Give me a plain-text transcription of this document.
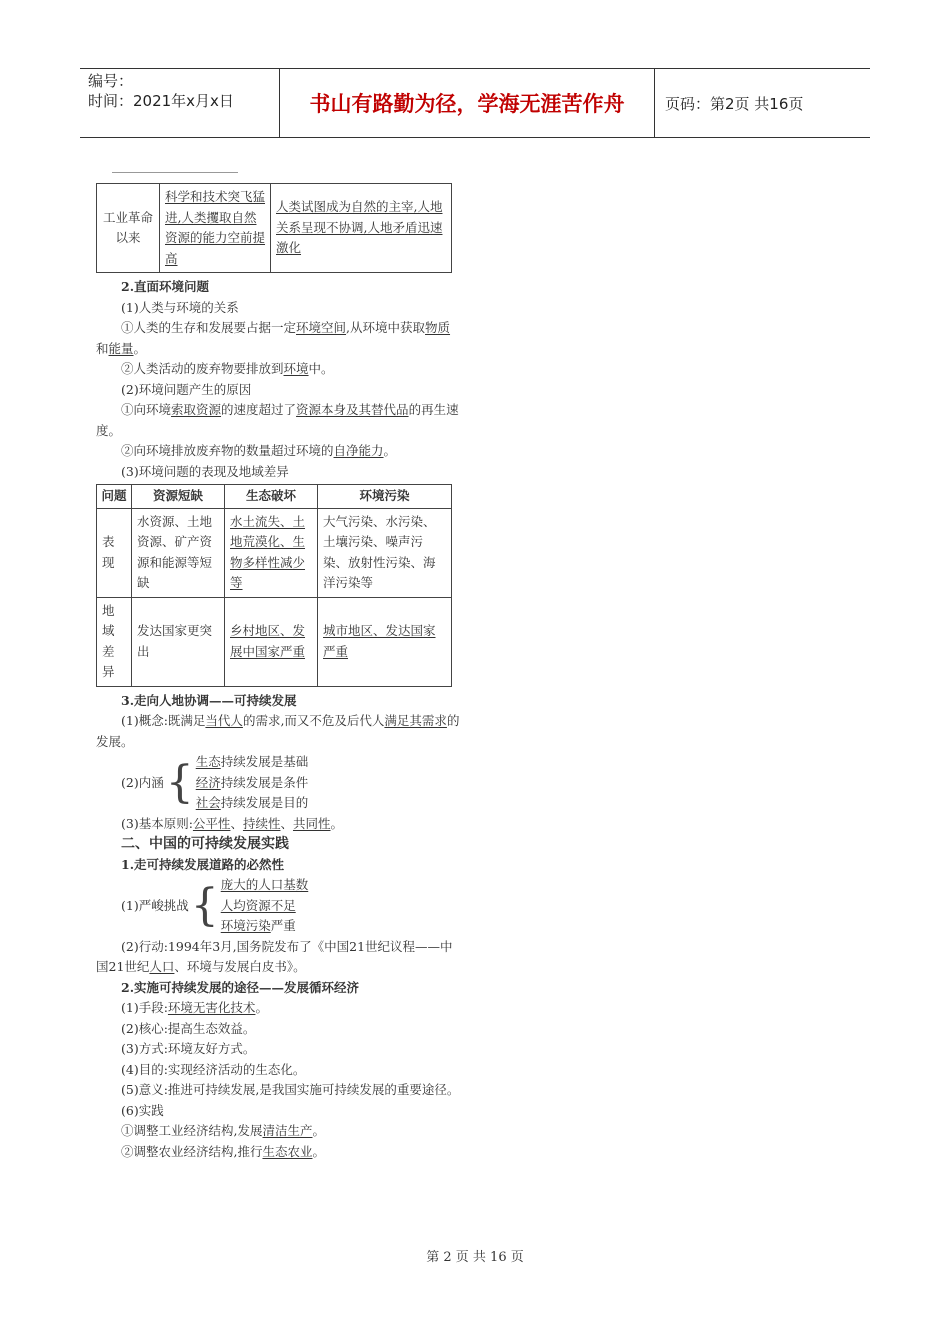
编号：
时间：2021年x月x日	书山有路勤为径，学海无涯苦作舟	页码：第2页 共16页
工业革命以来	科学和技术突飞猛进,人类攫取自然资源的能力空前提高	人类试图成为自然的主宰,人地关系呈现不协调,人地矛盾迅速激化

2.直面环境问题

(1)人类与环境的关系

①人类的生存和发展要占据一定环境空间,从环境中获取物质和能量。

②人类活动的废弃物要排放到环境中。

(2)环境问题产生的原因

①向环境索取资源的速度超过了资源本身及其替代品的再生速度。

②向环境排放废弃物的数量超过环境的自净能力。

(3)环境问题的表现及地域差异

问题	资源短缺	生态破坏	环境污染
表现	水资源、土地资源、矿产资源和能源等短缺	水土流失、土地荒漠化、生物多样性减少等	大气污染、水污染、土壤污染、噪声污染、放射性污染、海洋污染等
地域差异	发达国家更突出	乡村地区、发展中国家严重	城市地区、发达国家严重

3.走向人地协调——可持续发展

(1)概念:既满足当代人的需求,而又不危及后代人满足其需求的发展。

(2)内涵 { 生态持续发展是基础
经济持续发展是条件
社会持续发展是目的

(3)基本原则:公平性、持续性、共同性。

二、中国的可持续发展实践

1.走可持续发展道路的必然性

(1)严峻挑战 { 庞大的人口基数
人均资源不足
环境污染严重

(2)行动:1994年3月,国务院发布了《中国21世纪议程——中国21世纪人口、环境与发展白皮书》。

2.实施可持续发展的途径——发展循环经济

(1)手段:环境无害化技术。

(2)核心:提高生态效益。

(3)方式:环境友好方式。

(4)目的:实现经济活动的生态化。

(5)意义:推进可持续发展,是我国实施可持续发展的重要途径。

(6)实践

①调整工业经济结构,发展清洁生产。

②调整农业经济结构,推行生态农业。

第 2 页 共 16 页
